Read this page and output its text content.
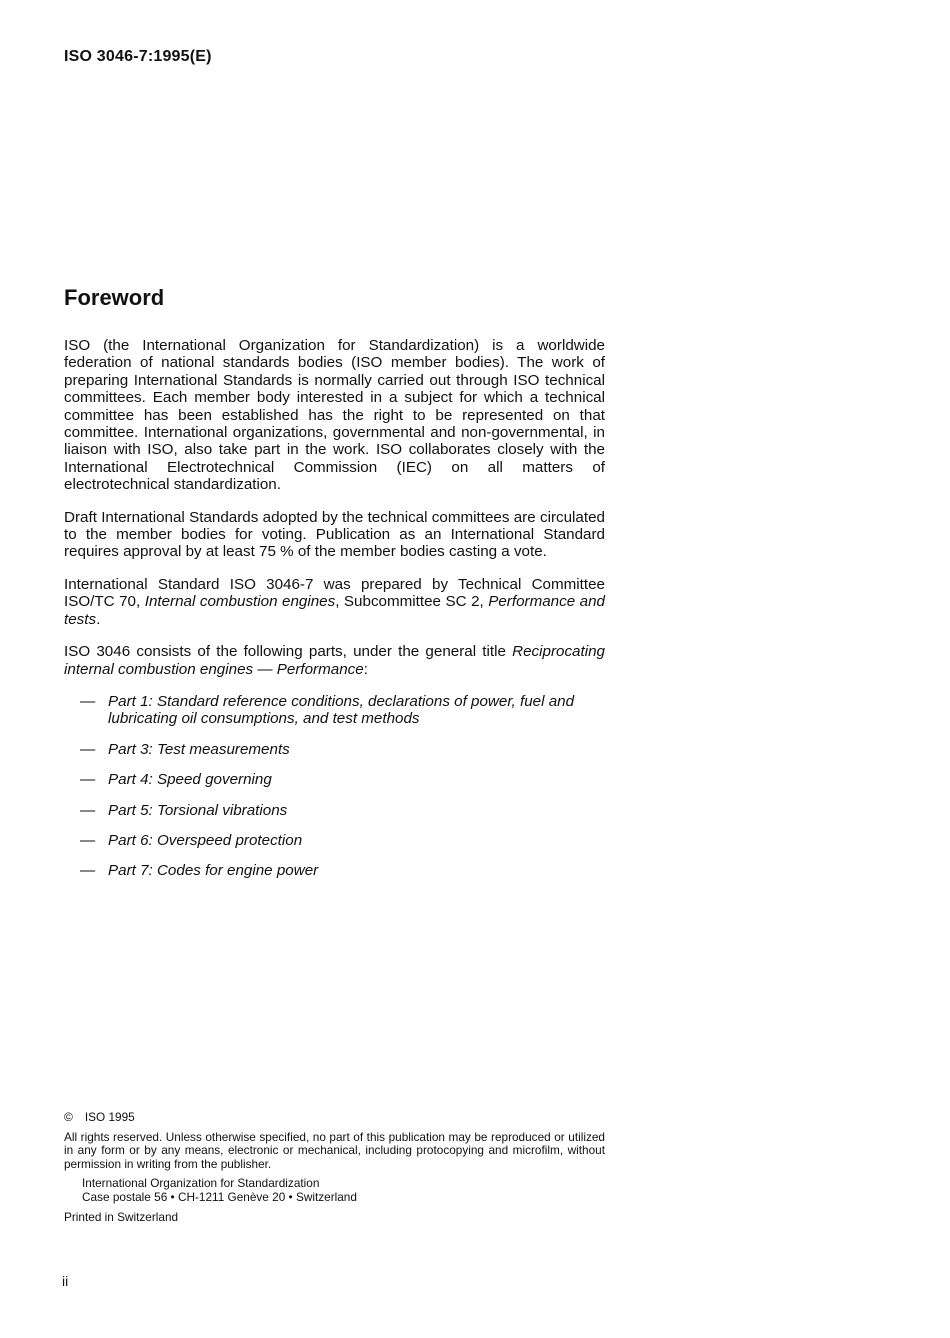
ISO 3046-7:1995(E)
Foreword

ISO (the International Organization for Standardization) is a worldwide federation of national standards bodies (ISO member bodies). The work of preparing International Standards is normally carried out through ISO technical committees. Each member body interested in a subject for which a technical committee has been established has the right to be represented on that committee. International organizations, governmental and non-governmental, in liaison with ISO, also take part in the work. ISO collaborates closely with the International Electrotechnical Commission (IEC) on all matters of electrotechnical standardization.

Draft International Standards adopted by the technical committees are circulated to the member bodies for voting. Publication as an International Standard requires approval by at least 75 % of the member bodies casting a vote.

International Standard ISO 3046-7 was prepared by Technical Committee ISO/TC 70, Internal combustion engines, Subcommittee SC 2, Performance and tests.

ISO 3046 consists of the following parts, under the general title Reciprocating internal combustion engines — Performance:

— Part 1: Standard reference conditions, declarations of power, fuel and lubricating oil consumptions, and test methods
— Part 3: Test measurements
— Part 4: Speed governing
— Part 5: Torsional vibrations
— Part 6: Overspeed protection
— Part 7: Codes for engine power
© ISO 1995
All rights reserved. Unless otherwise specified, no part of this publication may be reproduced or utilized in any form or by any means, electronic or mechanical, including protocopying and microfilm, without permission in writing from the publisher.
International Organization for Standardization
Case postale 56 • CH-1211 Genève 20 • Switzerland
Printed in Switzerland
ii
